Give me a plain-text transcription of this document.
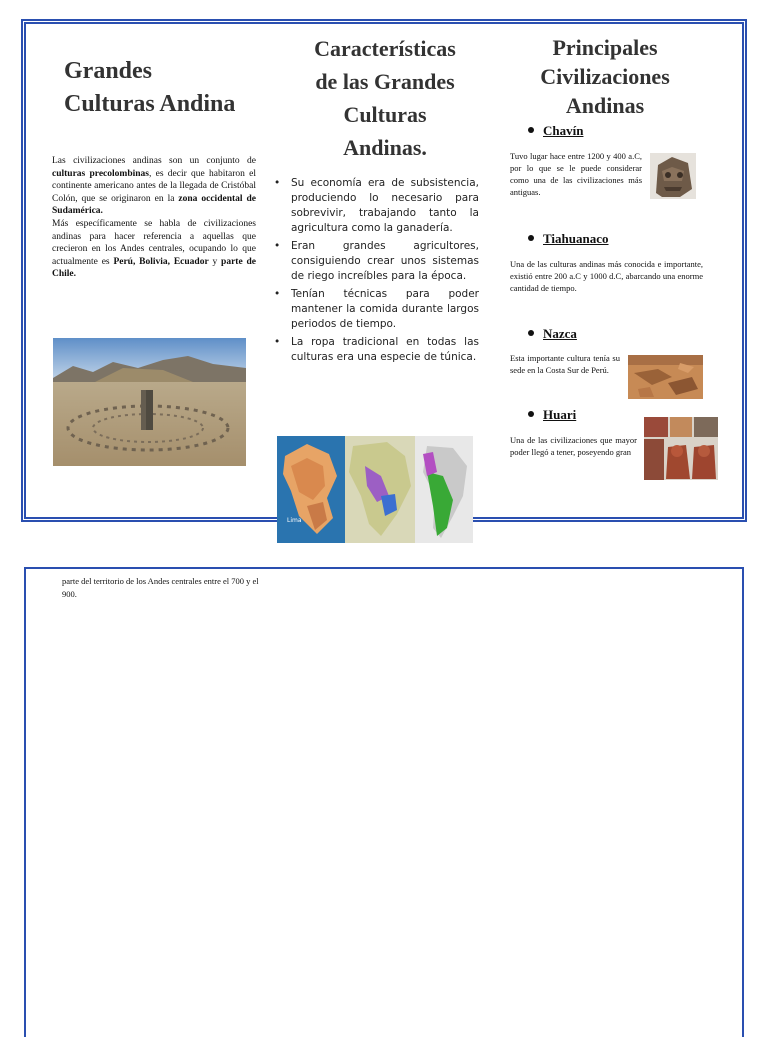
Grandes
Culturas Andina

Las civilizaciones andinas son un conjunto de culturas precolombinas, es decir que habitaron el continente americano antes de la llegada de Cristóbal Colón, que se originaron en la zona occidental de Sudamérica.

Más específicamente se habla de civilizaciones andinas para hacer referencia a aquellas que crecieron en los Andes centrales, ocupando lo que actualmente es Perú, Bolivia, Ecuador y parte de Chile.

Características
de las Grandes
Culturas
Andinas.
• Su economía era de subsistencia, produciendo lo necesario para sobrevivir, trabajando tanto la agricultura como la ganadería.
• Eran grandes agricultores, consiguiendo crear unos sistemas de riego increíbles para la época.
• Tenían técnicas para poder mantener la comida durante largos periodos de tiempo.
• La ropa tradicional en todas las culturas era una especie de túnica.
Lima
Principales
Civilizaciones
Andinas
Chavín
Tuvo lugar hace entre 1200 y 400 a.C, por lo que se le puede considerar como una de las civilizaciones más antiguas.
Tiahuanaco
Una de las culturas andinas más conocida e importante, existió entre 200 a.C y 1000 d.C, abarcando una enorme cantidad de tiempo.
Nazca
Esta importante cultura tenía su sede en la Costa Sur de Perú.
Huari
Una de las civilizaciones que mayor poder llegó a tener, poseyendo gran
parte del territorio de los Andes centrales entre el 700 y el 900.
